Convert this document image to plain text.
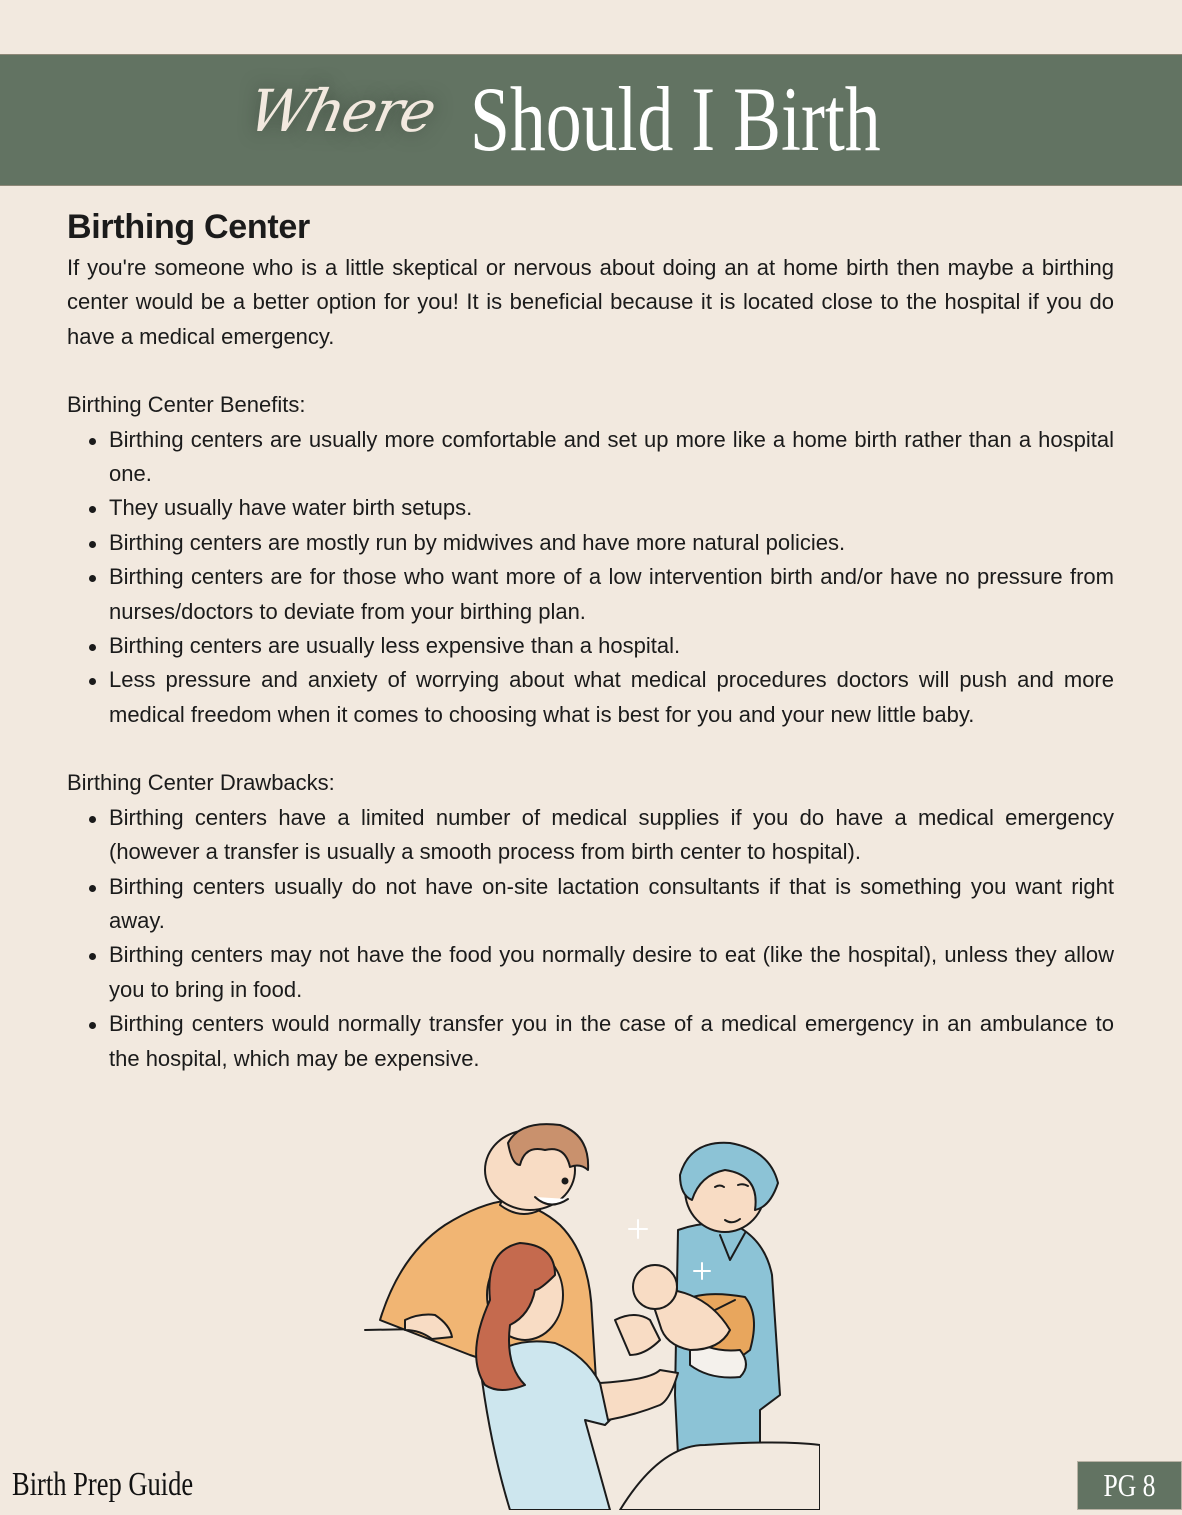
Where Should I Birth
Birthing Center

If you're someone who is a little skeptical or nervous about doing an at home birth then maybe a birthing center would be a better option for you! It is beneficial because it is located close to the hospital if you do have a medical emergency.

Birthing Center Benefits:

Birthing centers are usually more comfortable and set up more like a home birth rather than a hospital one.
They usually have water birth setups.
Birthing centers are mostly run by midwives and have more natural policies.
Birthing centers are for those who want more of a low intervention birth and/or have no pressure from nurses/doctors to deviate from your birthing plan.
Birthing centers are usually less expensive than a hospital.
Less pressure and anxiety of worrying about what medical procedures doctors will push and more medical freedom when it comes to choosing what is best for you and your new little baby.

Birthing Center Drawbacks:

Birthing centers have a limited number of medical supplies if you do have a medical emergency (however a transfer is usually a smooth process from birth center to hospital).
Birthing centers usually do not have on-site lactation consultants if that is something you want right away.
Birthing centers may not have the food you normally desire to eat (like the hospital), unless they allow you to bring in food.
Birthing centers would normally transfer you in the case of a medical emergency in an ambulance to the hospital, which may be expensive.
Birth Prep Guide	PG 8
